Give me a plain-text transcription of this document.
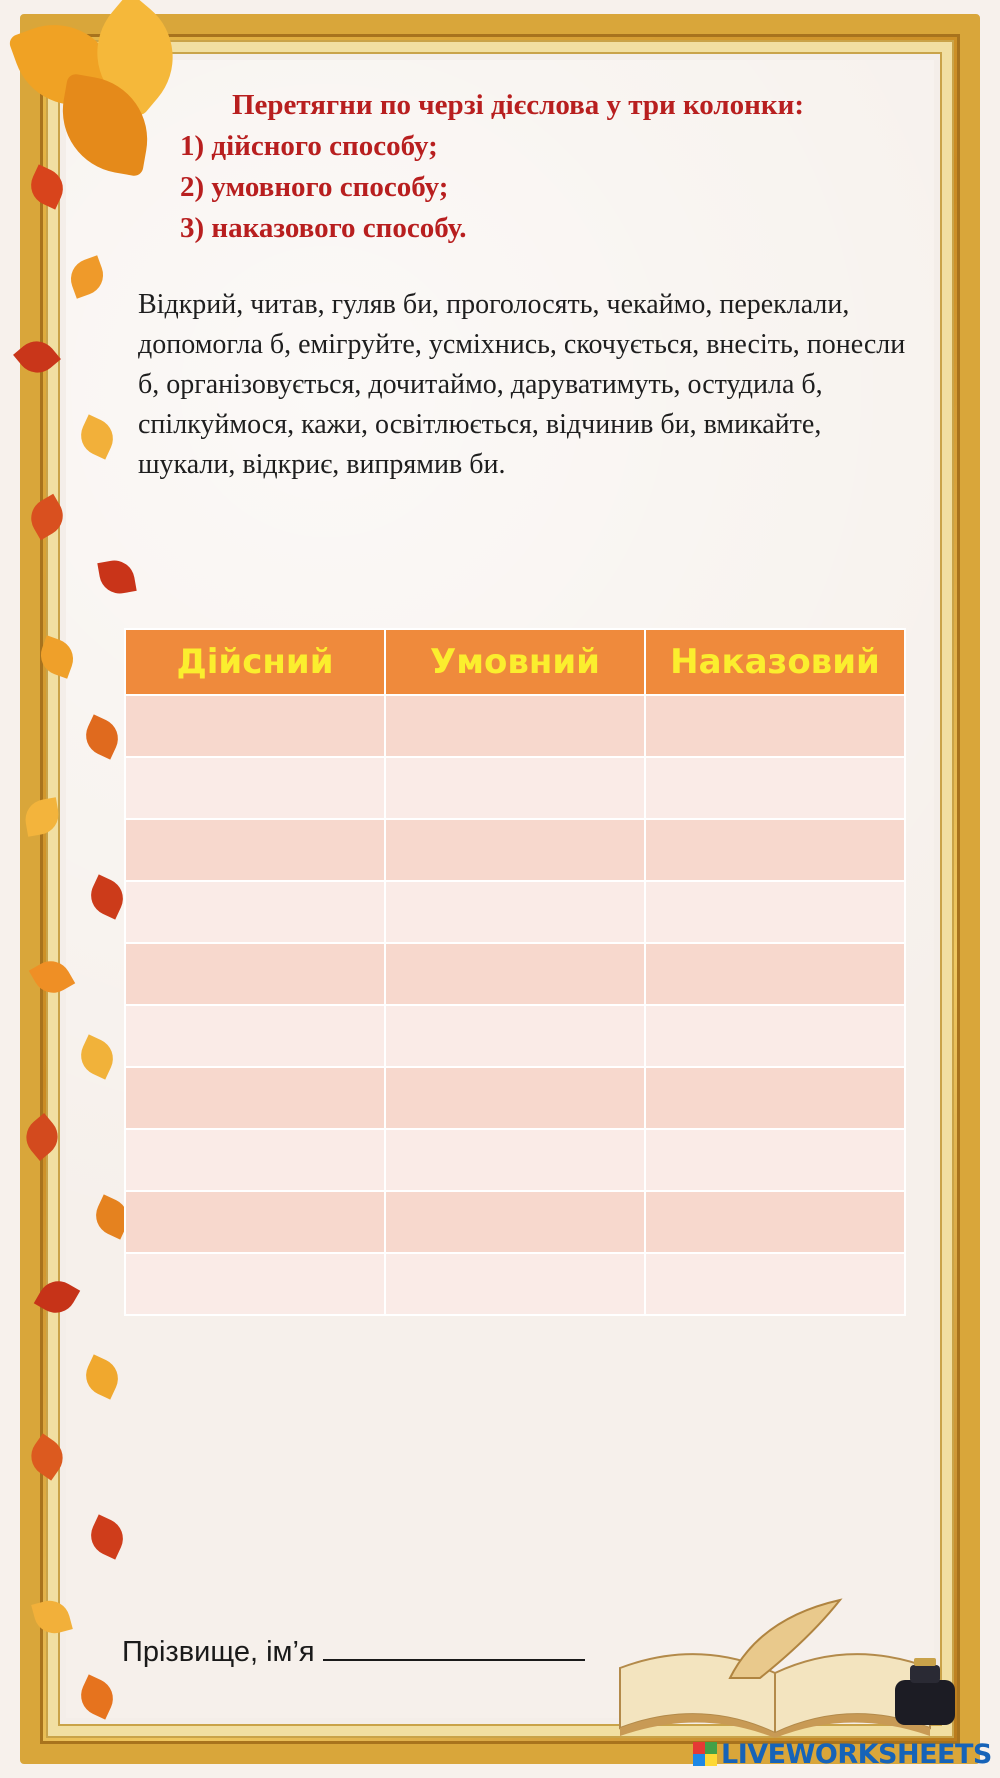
Перетягни по черзі дієслова у три колонки:
1) дійсного способу;
2) умовного способу;
3) наказового способу.
Відкрий, читав, гуляв би, проголосять, чекаймо, переклали, допомогла б, емігруйте, усміхнись, скочується, внесіть, понесли б, організовується, дочитаймо, даруватимуть, остудила б, спілкуймося, кажи, освітлюється, відчинив би, вмикайте, шукали, відкриє, випрямив би.
Дійсний	Умовний	Наказовий

Прізвище, ім’я
LIVEWORKSHEETS
